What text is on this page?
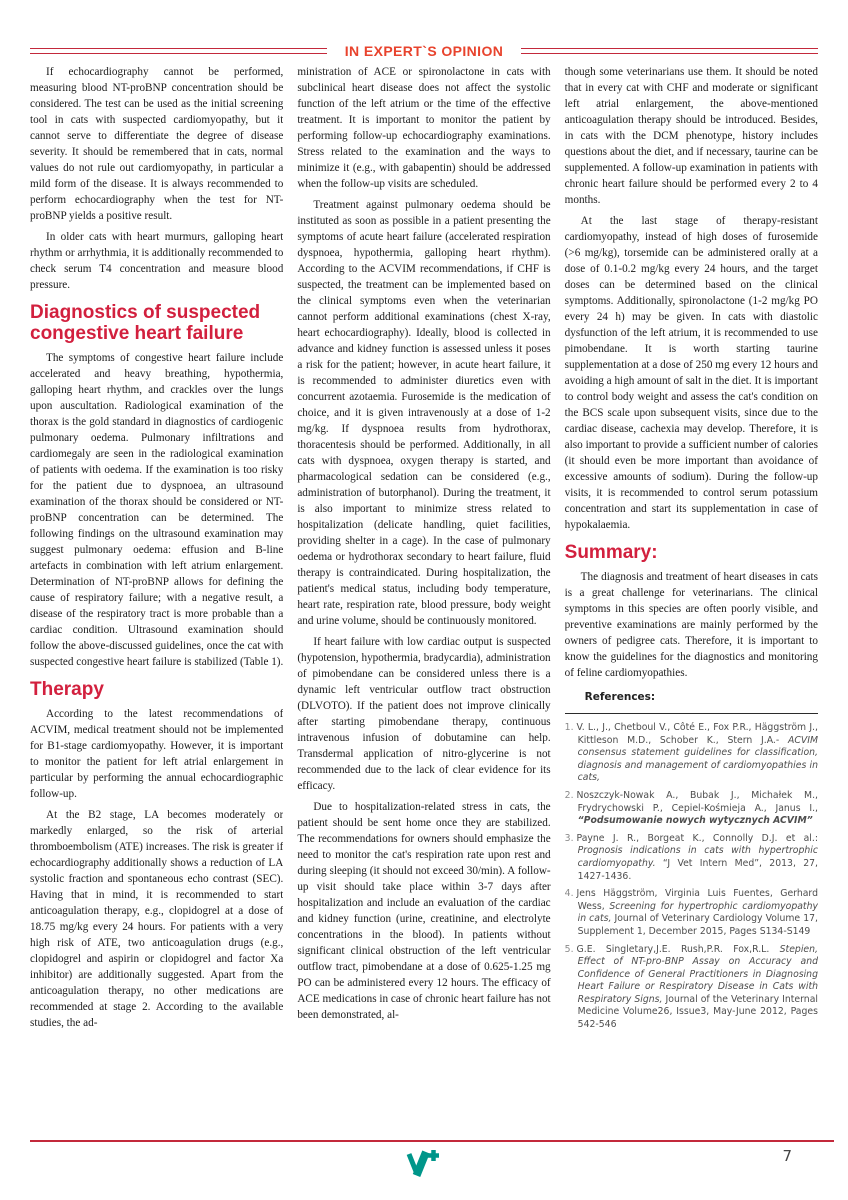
IN EXPERT`S OPINION

If echocardiography cannot be performed, measuring blood NT-proBNP concentration should be considered. The test can be used as the initial screening tool in cats with suspected cardiomyopathy, but it cannot serve to differentiate the degree of disease severity. It should be remembered that in cats, normal values do not rule out cardiomyopathy, in particular a mild form of the disease. It is always recommended to perform echocardiography when the test for NT-proBNP yields a positive result.

In older cats with heart murmurs, galloping heart rhythm or arrhythmia, it is additionally recommended to check serum T4 concentration and measure blood pressure.

Diagnostics of suspected congestive heart failure

The symptoms of congestive heart failure include accelerated and heavy breathing, hypothermia, galloping heart rhythm, and crackles over the lungs upon auscultation. Radiological examination of the thorax is the gold standard in diagnostics of cardiogenic pulmonary oedema. Pulmonary infiltrations and cardiomegaly are seen in the radiological examination of patients with oedema. If the examination is too risky for the patient due to dyspnoea, an ultrasound examination of the thorax should be considered or NT-proBNP concentration can be determined. The following findings on the ultrasound examination may suggest pulmonary oedema: effusion and B-line artefacts in combination with left atrium enlargement. Determination of NT-proBNP allows for defining the cause of respiratory failure; with a negative result, a disease of the respiratory tract is more probable than a cardiac condition. Ultrasound examination should follow the above-discussed guidelines, once the cat with suspected congestive heart failure is stabilized (Table 1).

Therapy

According to the latest recommendations of ACVIM, medical treatment should not be implemented for B1-stage cardiomyopathy. However, it is important to monitor the patient for left atrial enlargement in particular by performing the annual echocardiographic follow-up.

At the B2 stage, LA becomes moderately or markedly enlarged, so the risk of arterial thromboembolism (ATE) increases. The risk is greater if echocardiography additionally shows a reduction of LA systolic fraction and spontaneous echo contrast (SEC). Having that in mind, it is recommended to start anticoagulation therapy, e.g., clopidogrel at a dose of 18.75 mg/kg every 24 hours. For patients with a very high risk of ATE, two anticoagulation drugs (e.g., clopidogrel and aspirin or clopidogrel and factor Xa inhibitor) are additionally suggested. Apart from the anticoagulation therapy, no other medications are recommended at stage 2. According to the available studies, the ad-

ministration of ACE or spironolactone in cats with subclinical heart disease does not affect the systolic function of the left atrium or the time of the effective treatment. It is important to monitor the patient by performing follow-up echocardiography examinations. Stress related to the examination and the ways to minimize it (e.g., with gabapentin) should be addressed when the follow-up visits are scheduled.

Treatment against pulmonary oedema should be instituted as soon as possible in a patient presenting the symptoms of acute heart failure (accelerated respiration dyspnoea, hypothermia, galloping heart rhythm). According to the ACVIM recommendations, if CHF is suspected, the treatment can be implemented based on the clinical symptoms even when the veterinarian cannot perform additional examinations (chest X-ray, heart echocardiography). Ideally, blood is collected in advance and kidney function is assessed unless it poses a risk for the patient; however, in acute heart failure, it is recommended to administer diuretics even with concurrent azotaemia. Furosemide is the medication of choice, and it is given intravenously at a dose of 1-2 mg/kg. If dyspnoea results from hydrothorax, thoracentesis should be performed. Additionally, in all cats with dyspnoea, oxygen therapy is started, and pharmacological sedation can be considered (e.g., administration of butorphanol). During the treatment, it is also important to minimize stress related to hospitalization (delicate handling, quiet facilities, providing shelter in a cage). In the case of pulmonary oedema or hydrothorax secondary to heart failure, fluid therapy is contraindicated. During hospitalization, the patient's medical status, including body temperature, heart rate, respiration rate, blood pressure, body weight and urine volume, should be continuously monitored.

If heart failure with low cardiac output is suspected (hypotension, hypothermia, bradycardia), administration of pimobendane can be considered unless there is a dynamic left ventricular outflow tract obstruction (DLVOTO). If the patient does not improve clinically after starting pimobendane therapy, continuous intravenous infusion of dobutamine can help. Transdermal application of nitro-glycerine is not recommended due to the lack of clear evidence for its efficacy.

Due to hospitalization-related stress in cats, the patient should be sent home once they are stabilized. The recommendations for owners should emphasize the need to monitor the cat's respiration rate upon rest and during sleeping (it should not exceed 30/min). A follow-up visit should take place within 3-7 days after hospitalization and include an evaluation of the cardiac and kidney function (urine, creatinine, and electrolyte concentrations in the blood). In patients without significant clinical obstruction of the left ventricular outflow tract, pimobendane at a dose of 0.625-1.25 mg PO can be administered every 12 hours. The efficacy of ACE medications in case of chronic heart failure has not been demonstrated, al-

though some veterinarians use them. It should be noted that in every cat with CHF and moderate or significant left atrial enlargement, the above-mentioned anticoagulation therapy should be introduced. Besides, in cats with the DCM phenotype, history includes questions about the diet, and if necessary, taurine can be supplemented. A follow-up examination in patients with chronic heart failure should be performed every 2 to 4 months.

At the last stage of therapy-resistant cardiomyopathy, instead of high doses of furosemide (>6 mg/kg), torsemide can be administered orally at a dose of 0.1-0.2 mg/kg every 24 hours, and the target doses can be determined based on the clinical symptoms. Additionally, spironolactone (1-2 mg/kg PO every 24 h) may be given. In cats with diastolic dysfunction of the left atrium, it is recommended to use pimobendane. It is worth starting taurine supplementation at a dose of 250 mg every 12 hours and avoiding a high amount of salt in the diet. It is important to control body weight and assess the cat's condition on the BCS scale upon subsequent visits, since due to the cardiac disease, cachexia may develop. Therefore, it is also important to provide a sufficient number of calories (it should even be more important than avoidance of excessive amounts of sodium). During the follow-up visits, it is recommended to control serum potassium concentration and start its supplementation in case of hypokalaemia.

Summary:

The diagnosis and treatment of heart diseases in cats is a great challenge for veterinarians. The clinical symptoms in this species are often poorly visible, and preventive examinations are mainly performed by the owners of pedigree cats. Therefore, it is important to know the guidelines for the diagnostics and monitoring of feline cardiomyopathies.

References:
1. V. L., J., Chetboul V., Côté E., Fox P.R., Häggström J., Kittleson M.D., Schober K., Stern J.A.- ACVIM consensus statement guidelines for classification, diagnosis and management of cardiomyopathies in cats,
2. Noszczyk-Nowak A., Bubak J., Michałek M., Frydrychowski P., Cepiel-Kośmieja A., Janus I., “Podsumowanie nowych wytycznych ACVIM”
3. Payne J. R., Borgeat K., Connolly D.J. et al.: Prognosis indications in cats with hypertrophic cardiomyopathy. “J Vet Intern Med”, 2013, 27, 1427-1436.
4. Jens Häggström, Virginia Luis Fuentes, Gerhard Wess, Screening for hypertrophic cardiomyopathy in cats, Journal of Veterinary Cardiology Volume 17, Supplement 1, December 2015, Pages S134-S149
5. G.E. Singletary,J.E. Rush,P.R. Fox,R.L. Stepien, Effect of NT-pro-BNP Assay on Accuracy and Confidence of General Practitioners in Diagnosing Heart Failure or Respiratory Disease in Cats with Respiratory Signs, Journal of the Veterinary Internal Medicine Volume26, Issue3, May-June 2012, Pages 542-546
7
